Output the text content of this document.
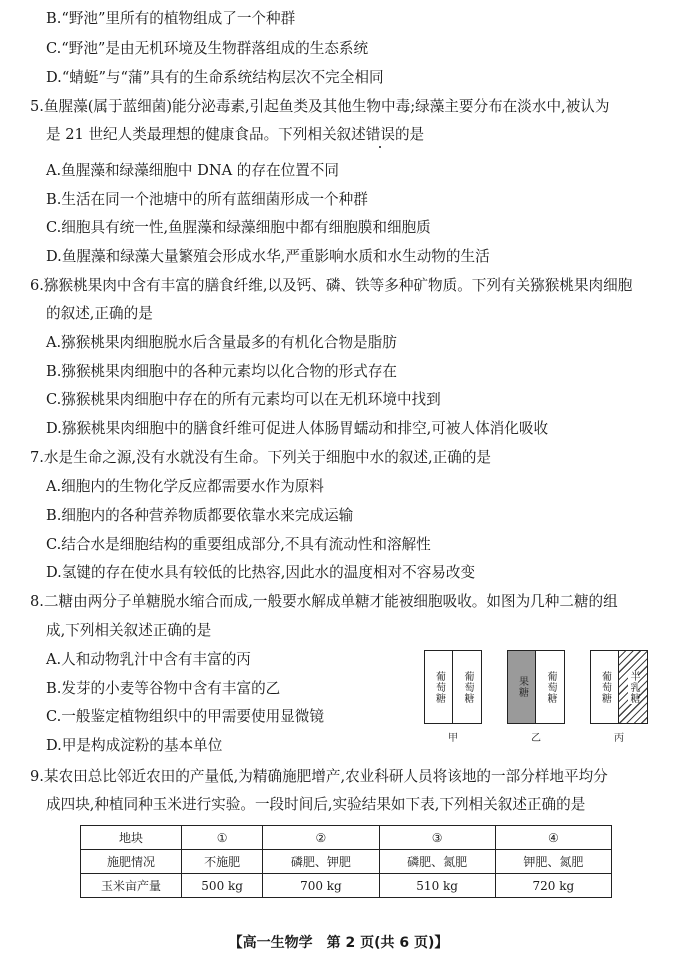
B.“野池”里所有的植物组成了一个种群
C.“野池”是由无机环境及生物群落组成的生态系统
D.“蜻蜓”与“蒲”具有的生命系统结构层次不完全相同
5.鱼腥藻(属于蓝细菌)能分泌毒素,引起鱼类及其他生物中毒;绿藻主要分布在淡水中,被认为
是 21 世纪人类最理想的健康食品。下列相关叙述错误的是
A.鱼腥藻和绿藻细胞中 DNA 的存在位置不同
B.生活在同一个池塘中的所有蓝细菌形成一个种群
C.细胞具有统一性,鱼腥藻和绿藻细胞中都有细胞膜和细胞质
D.鱼腥藻和绿藻大量繁殖会形成水华,严重影响水质和水生动物的生活
6.猕猴桃果肉中含有丰富的膳食纤维,以及钙、磷、铁等多种矿物质。下列有关猕猴桃果肉细胞
的叙述,正确的是
A.猕猴桃果肉细胞脱水后含量最多的有机化合物是脂肪
B.猕猴桃果肉细胞中的各种元素均以化合物的形式存在
C.猕猴桃果肉细胞中存在的所有元素均可以在无机环境中找到
D.猕猴桃果肉细胞中的膳食纤维可促进人体肠胃蠕动和排空,可被人体消化吸收
7.水是生命之源,没有水就没有生命。下列关于细胞中水的叙述,正确的是
A.细胞内的生物化学反应都需要水作为原料
B.细胞内的各种营养物质都要依靠水来完成运输
C.结合水是细胞结构的重要组成部分,不具有流动性和溶解性
D.氢键的存在使水具有较低的比热容,因此水的温度相对不容易改变
8.二糖由两分子单糖脱水缩合而成,一般要水解成单糖才能被细胞吸收。如图为几种二糖的组
成,下列相关叙述正确的是
A.人和动物乳汁中含有丰富的丙
B.发芽的小麦等谷物中含有丰富的乙
C.一般鉴定植物组织中的甲需要使用显微镜
D.甲是构成淀粉的基本单位
葡萄糖 葡萄糖
甲
果糖 葡萄糖
乙
葡萄糖 半乳糖
丙
9.某农田总比邻近农田的产量低,为精确施肥增产,农业科研人员将该地的一部分样地平均分
成四块,种植同种玉米进行实验。一段时间后,实验结果如下表,下列相关叙述正确的是
地块	①	②	③	④
施肥情况	不施肥	磷肥、钾肥	磷肥、氮肥	钾肥、氮肥
玉米亩产量	500 kg	700 kg	510 kg	720 kg
【高一生物学　第 2 页(共 6 页)】
